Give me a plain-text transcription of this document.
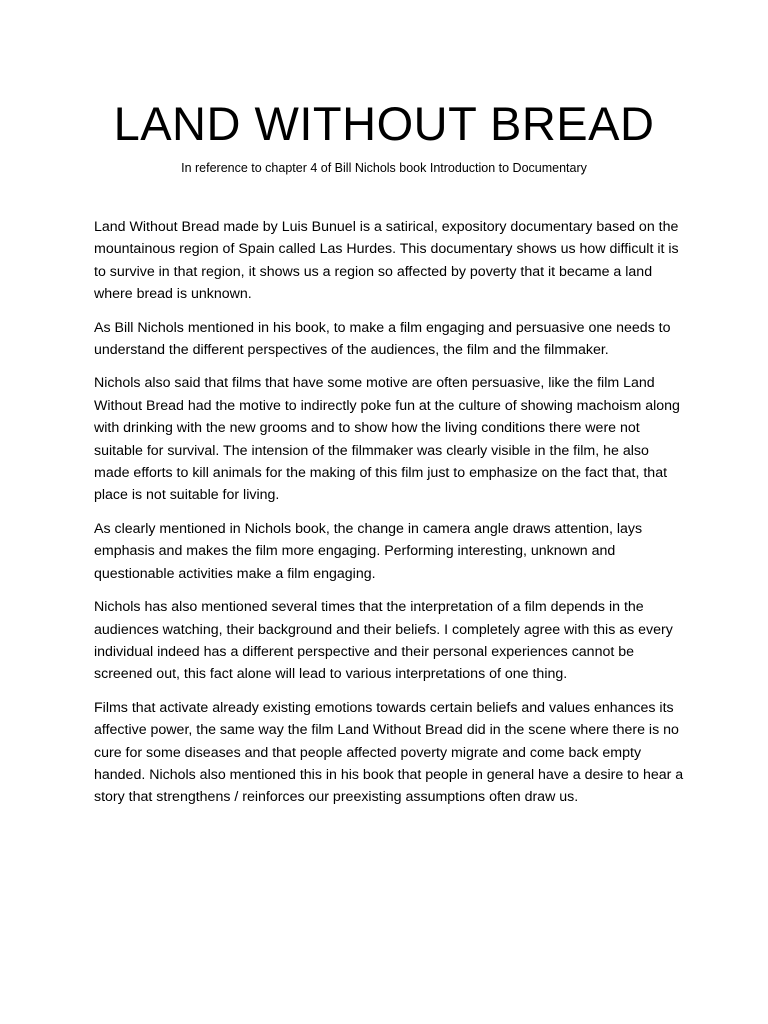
LAND WITHOUT BREAD

In reference to chapter 4 of Bill Nichols book Introduction to Documentary

Land Without Bread made by Luis Bunuel is a satirical, expository documentary based on the mountainous region of Spain called Las Hurdes. This documentary shows us how difficult it is to survive in that region, it shows us a region so affected by poverty that it became a land where bread is unknown.

As Bill Nichols mentioned in his book, to make a film engaging and persuasive one needs to understand the different perspectives of the audiences, the film and the filmmaker.

Nichols also said that films that have some motive are often persuasive, like the film Land Without Bread had the motive to indirectly poke fun at the culture of showing machoism along with drinking with the new grooms and to show how the living conditions there were not suitable for survival. The intension of the filmmaker was clearly visible in the film, he also made efforts to kill animals for the making of this film just to emphasize on the fact that, that place is not suitable for living.

As clearly mentioned in Nichols book, the change in camera angle draws attention, lays emphasis and makes the film more engaging. Performing interesting, unknown and questionable activities make a film engaging.

Nichols has also mentioned several times that the interpretation of a film depends in the audiences watching, their background and their beliefs. I completely agree with this as every individual indeed has a different perspective and their personal experiences cannot be screened out, this fact alone will lead to various interpretations of one thing.

Films that activate already existing emotions towards certain beliefs and values enhances its affective power, the same way the film Land Without Bread did in the scene where there is no cure for some diseases and that people affected poverty migrate and come back empty handed. Nichols also mentioned this in his book that people in general have a desire to hear a story that strengthens / reinforces our preexisting assumptions often draw us.
